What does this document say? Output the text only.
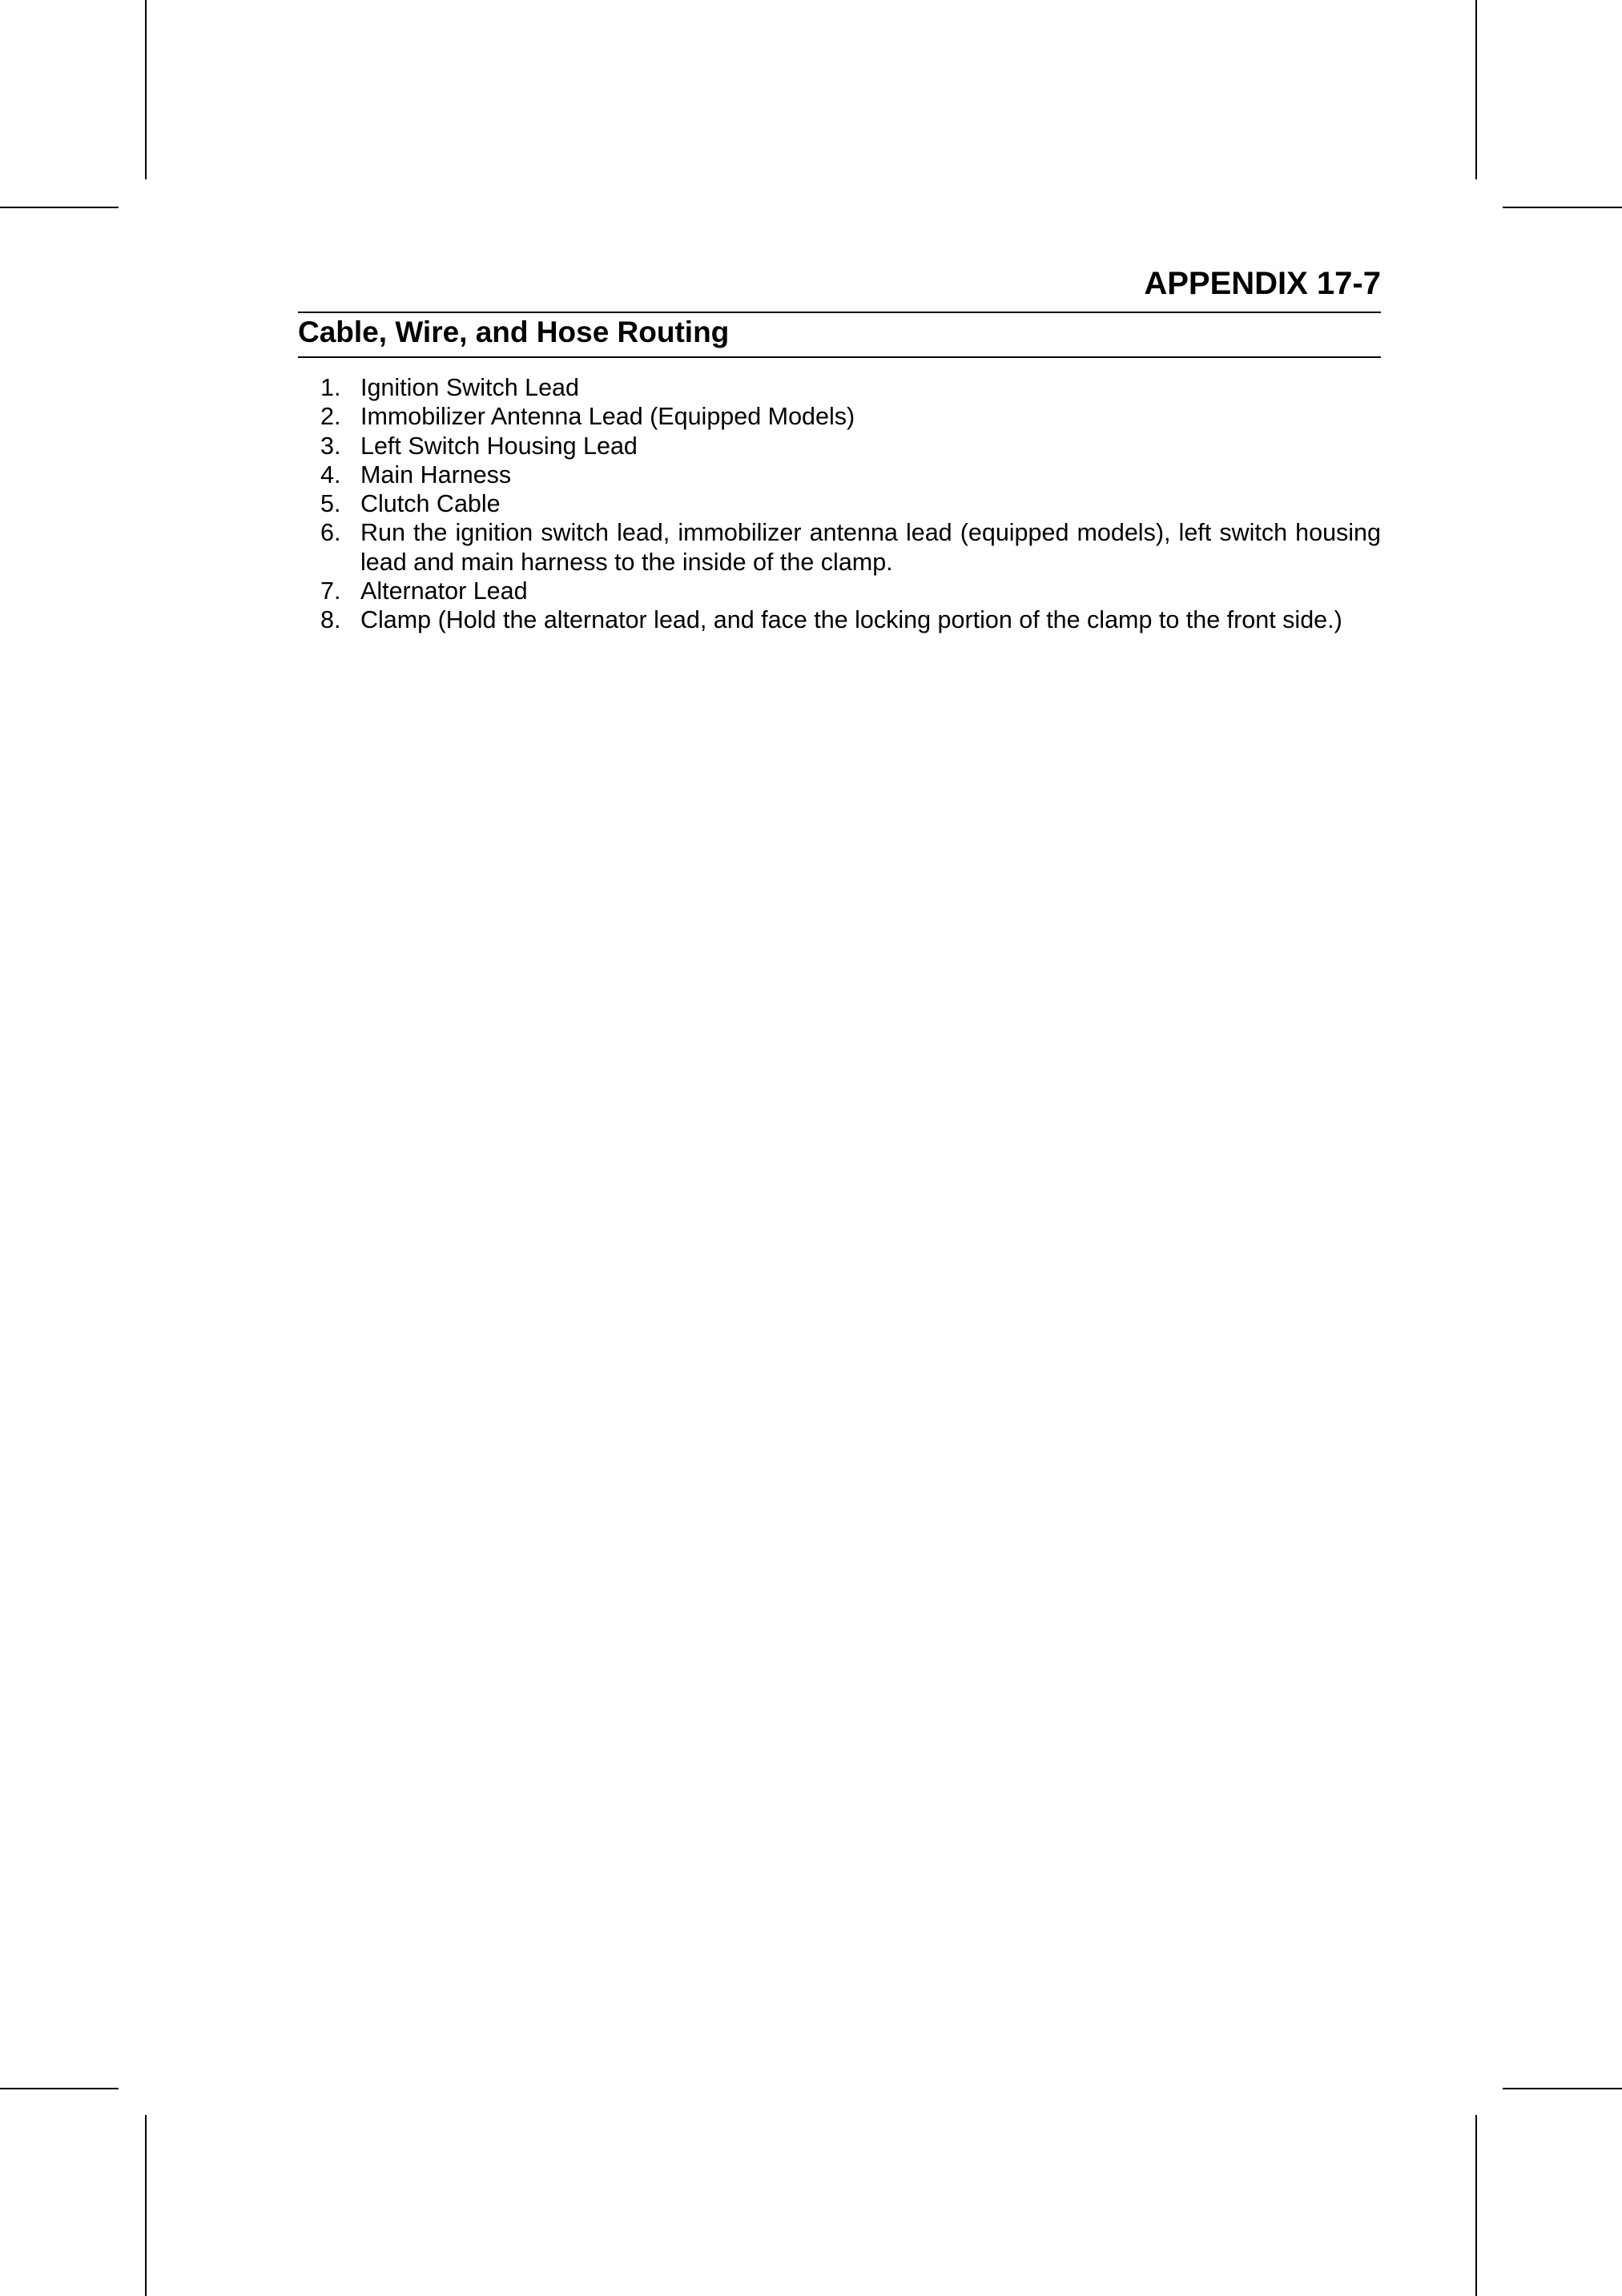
APPENDIX 17-7
Cable, Wire, and Hose Routing
1. Ignition Switch Lead
2. Immobilizer Antenna Lead (Equipped Models)
3. Left Switch Housing Lead
4. Main Harness
5. Clutch Cable
6. Run the ignition switch lead, immobilizer antenna lead (equipped models), left switch housing lead and main harness to the inside of the clamp.
7. Alternator Lead
8. Clamp (Hold the alternator lead, and face the locking portion of the clamp to the front side.)
